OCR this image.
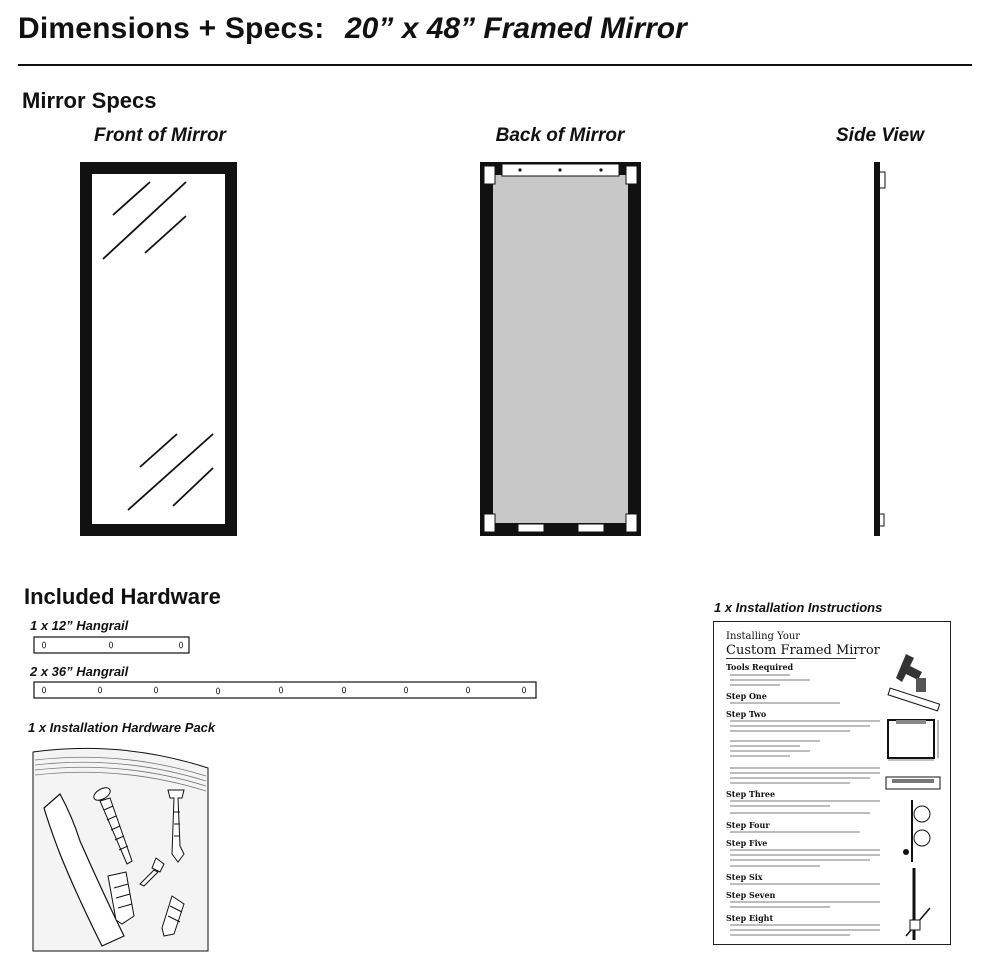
Dimensions + Specs: 20” x 48” Framed Mirror
Mirror Specs
Front of Mirror	Back of Mirror	Side View
Included Hardware
1 x 12” Hangrail
2 x 36” Hangrail
1 x Installation Hardware Pack
1 x Installation Instructions
Installing Your
Custom Framed Mirror
Tools Required
Step One
Step Two
Step Three
Step Four
Step Five
Step Six
Step Seven
Step Eight
